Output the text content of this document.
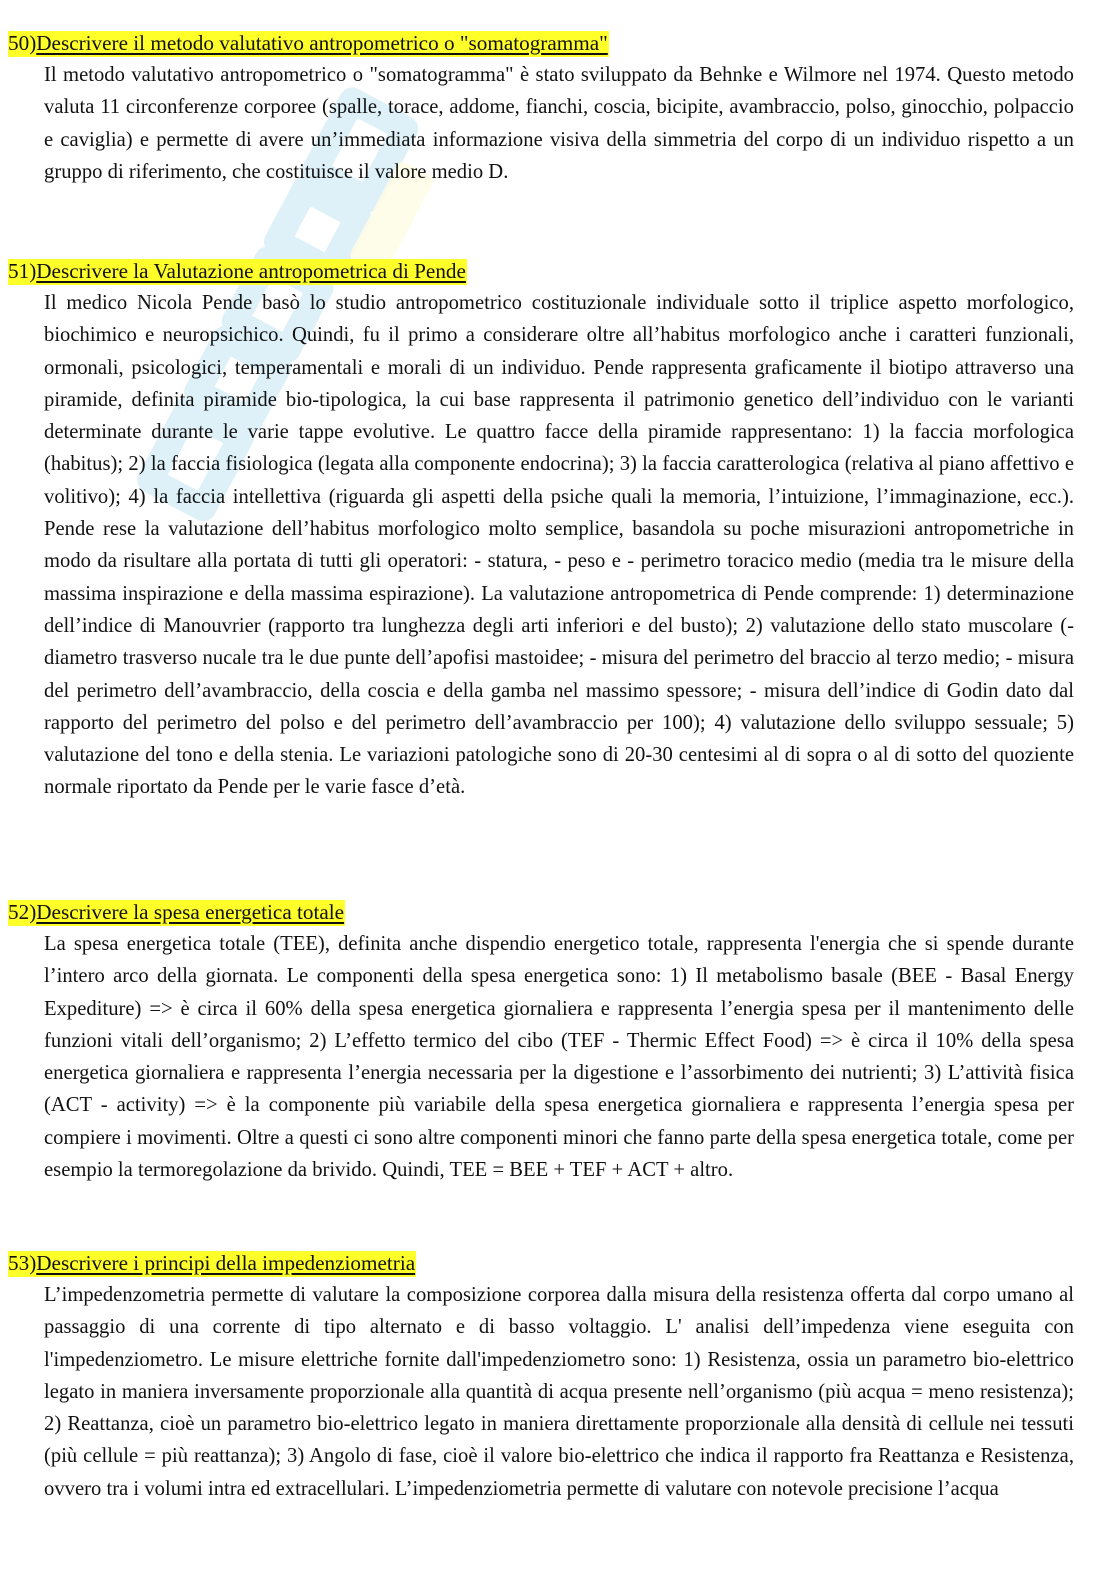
50)Descrivere il metodo valutativo antropometrico o "somatogramma"

Il metodo valutativo antropometrico o "somatogramma" è stato sviluppato da Behnke e Wilmore nel 1974. Questo metodo valuta 11 circonferenze corporee (spalle, torace, addome, fianchi, coscia, bicipite, avambraccio, polso, ginocchio, polpaccio e caviglia) e permette di avere un’immediata informazione visiva della simmetria del corpo di un individuo rispetto a un gruppo di riferimento, che costituisce il valore medio D.

51)Descrivere la Valutazione antropometrica di Pende

Il medico Nicola Pende basò lo studio antropometrico costituzionale individuale sotto il triplice aspetto morfologico, biochimico e neuropsichico. Quindi, fu il primo a considerare oltre all’habitus morfologico anche i caratteri funzionali, ormonali, psicologici, temperamentali e morali di un individuo. Pende rappresenta graficamente il biotipo attraverso una piramide, definita piramide bio-tipologica, la cui base rappresenta il patrimonio genetico dell’individuo con le varianti determinate durante le varie tappe evolutive. Le quattro facce della piramide rappresentano: 1) la faccia morfologica (habitus); 2) la faccia fisiologica (legata alla componente endocrina); 3) la faccia caratterologica (relativa al piano affettivo e volitivo); 4) la faccia intellettiva (riguarda gli aspetti della psiche quali la memoria, l’intuizione, l’immaginazione, ecc.). Pende rese la valutazione dell’habitus morfologico molto semplice, basandola su poche misurazioni antropometriche in modo da risultare alla portata di tutti gli operatori: - statura, - peso e - perimetro toracico medio (media tra le misure della massima inspirazione e della massima espirazione). La valutazione antropometrica di Pende comprende: 1) determinazione dell’indice di Manouvrier (rapporto tra lunghezza degli arti inferiori e del busto); 2) valutazione dello stato muscolare (- diametro trasverso nucale tra le due punte dell’apofisi mastoidee; - misura del perimetro del braccio al terzo medio; - misura del perimetro dell’avambraccio, della coscia e della gamba nel massimo spessore; - misura dell’indice di Godin dato dal rapporto del perimetro del polso e del perimetro dell’avambraccio per 100); 4) valutazione dello sviluppo sessuale; 5) valutazione del tono e della stenia. Le variazioni patologiche sono di 20-30 centesimi al di sopra o al di sotto del quoziente normale riportato da Pende per le varie fasce d’età.

52)Descrivere la spesa energetica totale

La spesa energetica totale (TEE), definita anche dispendio energetico totale, rappresenta l'energia che si spende durante l’intero arco della giornata. Le componenti della spesa energetica sono: 1) Il metabolismo basale (BEE - Basal Energy Expediture) => è circa il 60% della spesa energetica giornaliera e rappresenta l’energia spesa per il mantenimento delle funzioni vitali dell’organismo; 2) L’effetto termico del cibo (TEF - Thermic Effect Food) => è circa il 10% della spesa energetica giornaliera e rappresenta l’energia necessaria per la digestione e l’assorbimento dei nutrienti; 3) L’attività fisica (ACT - activity) => è la componente più variabile della spesa energetica giornaliera e rappresenta l’energia spesa per compiere i movimenti. Oltre a questi ci sono altre componenti minori che fanno parte della spesa energetica totale, come per esempio la termoregolazione da brivido. Quindi, TEE = BEE + TEF + ACT + altro.

53)Descrivere i principi della impedenziometria

L’impedenzometria permette di valutare la composizione corporea dalla misura della resistenza offerta dal corpo umano al passaggio di una corrente di tipo alternato e di basso voltaggio. L' analisi dell’impedenza viene eseguita con l'impedenziometro. Le misure elettriche fornite dall'impedenziometro sono: 1) Resistenza, ossia un parametro bio-elettrico legato in maniera inversamente proporzionale alla quantità di acqua presente nell’organismo (più acqua = meno resistenza); 2) Reattanza, cioè un parametro bio-elettrico legato in maniera direttamente proporzionale alla densità di cellule nei tessuti (più cellule = più reattanza); 3) Angolo di fase, cioè il valore bio-elettrico che indica il rapporto fra Reattanza e Resistenza, ovvero tra i volumi intra ed extracellulari. L’impedenziometria permette di valutare con notevole precisione l’acqua
